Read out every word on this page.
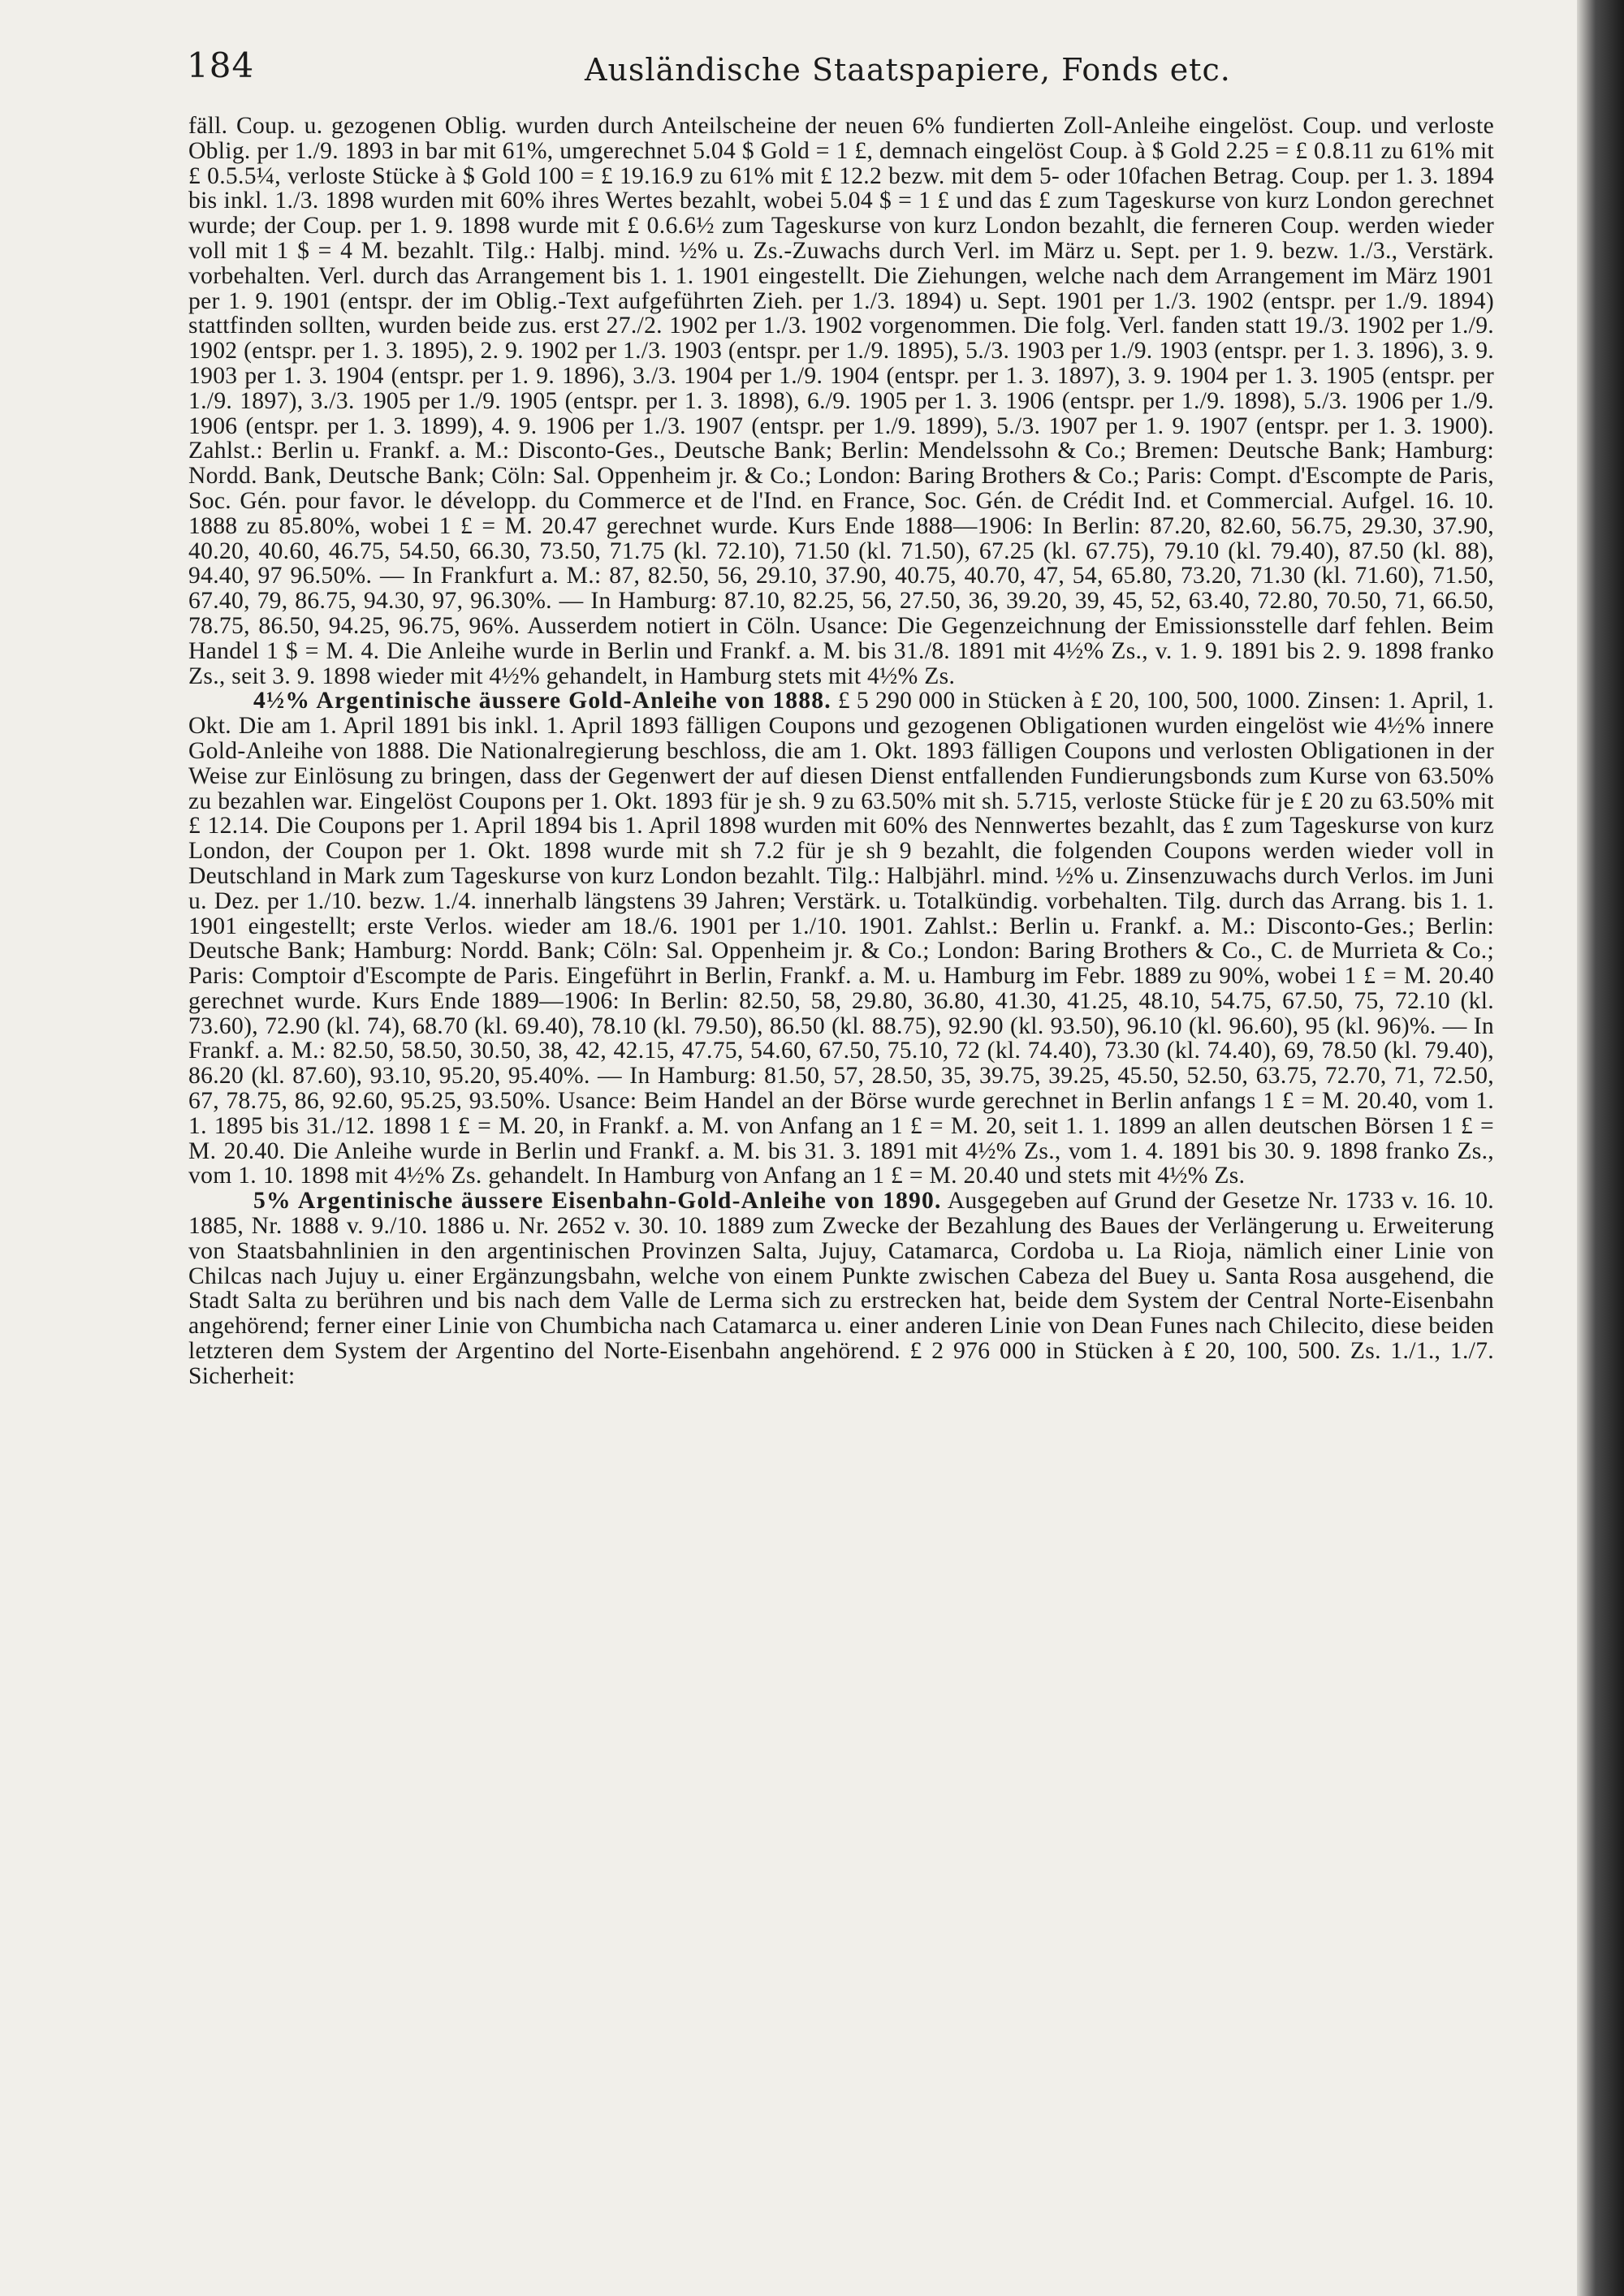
184	Ausländische Staatspapiere, Fonds etc.

fäll. Coup. u. gezogenen Oblig. wurden durch Anteilscheine der neuen 6% fundierten Zoll-Anleihe eingelöst. Coup. und verloste Oblig. per 1./9. 1893 in bar mit 61%, umgerechnet 5.04 $ Gold = 1 £, demnach eingelöst Coup. à $ Gold 2.25 = £ 0.8.11 zu 61% mit £ 0.5.5¼, verloste Stücke à $ Gold 100 = £ 19.16.9 zu 61% mit £ 12.2 bezw. mit dem 5- oder 10fachen Betrag. Coup. per 1. 3. 1894 bis inkl. 1./3. 1898 wurden mit 60% ihres Wertes bezahlt, wobei 5.04 $ = 1 £ und das £ zum Tageskurse von kurz London gerechnet wurde; der Coup. per 1. 9. 1898 wurde mit £ 0.6.6½ zum Tageskurse von kurz London bezahlt, die ferneren Coup. werden wieder voll mit 1 $ = 4 M. bezahlt. Tilg.: Halbj. mind. ½% u. Zs.-Zuwachs durch Verl. im März u. Sept. per 1. 9. bezw. 1./3., Verstärk. vorbehalten. Verl. durch das Arrangement bis 1. 1. 1901 eingestellt. Die Ziehungen, welche nach dem Arrangement im März 1901 per 1. 9. 1901 (entspr. der im Oblig.-Text aufgeführten Zieh. per 1./3. 1894) u. Sept. 1901 per 1./3. 1902 (entspr. per 1./9. 1894) stattfinden sollten, wurden beide zus. erst 27./2. 1902 per 1./3. 1902 vorgenommen. Die folg. Verl. fanden statt 19./3. 1902 per 1./9. 1902 (entspr. per 1. 3. 1895), 2. 9. 1902 per 1./3. 1903 (entspr. per 1./9. 1895), 5./3. 1903 per 1./9. 1903 (entspr. per 1. 3. 1896), 3. 9. 1903 per 1. 3. 1904 (entspr. per 1. 9. 1896), 3./3. 1904 per 1./9. 1904 (entspr. per 1. 3. 1897), 3. 9. 1904 per 1. 3. 1905 (entspr. per 1./9. 1897), 3./3. 1905 per 1./9. 1905 (entspr. per 1. 3. 1898), 6./9. 1905 per 1. 3. 1906 (entspr. per 1./9. 1898), 5./3. 1906 per 1./9. 1906 (entspr. per 1. 3. 1899), 4. 9. 1906 per 1./3. 1907 (entspr. per 1./9. 1899), 5./3. 1907 per 1. 9. 1907 (entspr. per 1. 3. 1900). Zahlst.: Berlin u. Frankf. a. M.: Disconto-Ges., Deutsche Bank; Berlin: Mendelssohn & Co.; Bremen: Deutsche Bank; Hamburg: Nordd. Bank, Deutsche Bank; Cöln: Sal. Oppenheim jr. & Co.; London: Baring Brothers & Co.; Paris: Compt. d'Escompte de Paris, Soc. Gén. pour favor. le développ. du Commerce et de l'Ind. en France, Soc. Gén. de Crédit Ind. et Commercial. Aufgel. 16. 10. 1888 zu 85.80%, wobei 1 £ = M. 20.47 gerechnet wurde. Kurs Ende 1888—1906: In Berlin: 87.20, 82.60, 56.75, 29.30, 37.90, 40.20, 40.60, 46.75, 54.50, 66.30, 73.50, 71.75 (kl. 72.10), 71.50 (kl. 71.50), 67.25 (kl. 67.75), 79.10 (kl. 79.40), 87.50 (kl. 88), 94.40, 97 96.50%. — In Frankfurt a. M.: 87, 82.50, 56, 29.10, 37.90, 40.75, 40.70, 47, 54, 65.80, 73.20, 71.30 (kl. 71.60), 71.50, 67.40, 79, 86.75, 94.30, 97, 96.30%. — In Hamburg: 87.10, 82.25, 56, 27.50, 36, 39.20, 39, 45, 52, 63.40, 72.80, 70.50, 71, 66.50, 78.75, 86.50, 94.25, 96.75, 96%. Ausserdem notiert in Cöln. Usance: Die Gegenzeichnung der Emissionsstelle darf fehlen. Beim Handel 1 $ = M. 4. Die Anleihe wurde in Berlin und Frankf. a. M. bis 31./8. 1891 mit 4½% Zs., v. 1. 9. 1891 bis 2. 9. 1898 franko Zs., seit 3. 9. 1898 wieder mit 4½% gehandelt, in Hamburg stets mit 4½% Zs.

4½% Argentinische äussere Gold-Anleihe von 1888. £ 5 290 000 in Stücken à £ 20, 100, 500, 1000. Zinsen: 1. April, 1. Okt. Die am 1. April 1891 bis inkl. 1. April 1893 fälligen Coupons und gezogenen Obligationen wurden eingelöst wie 4½% innere Gold-Anleihe von 1888. Die Nationalregierung beschloss, die am 1. Okt. 1893 fälligen Coupons und verlosten Obligationen in der Weise zur Einlösung zu bringen, dass der Gegenwert der auf diesen Dienst entfallenden Fundierungsbonds zum Kurse von 63.50% zu bezahlen war. Eingelöst Coupons per 1. Okt. 1893 für je sh. 9 zu 63.50% mit sh. 5.715, verloste Stücke für je £ 20 zu 63.50% mit £ 12.14. Die Coupons per 1. April 1894 bis 1. April 1898 wurden mit 60% des Nennwertes bezahlt, das £ zum Tageskurse von kurz London, der Coupon per 1. Okt. 1898 wurde mit sh 7.2 für je sh 9 bezahlt, die folgenden Coupons werden wieder voll in Deutschland in Mark zum Tageskurse von kurz London bezahlt. Tilg.: Halbjährl. mind. ½% u. Zinsenzuwachs durch Verlos. im Juni u. Dez. per 1./10. bezw. 1./4. innerhalb längstens 39 Jahren; Verstärk. u. Totalkündig. vorbehalten. Tilg. durch das Arrang. bis 1. 1. 1901 eingestellt; erste Verlos. wieder am 18./6. 1901 per 1./10. 1901. Zahlst.: Berlin u. Frankf. a. M.: Disconto-Ges.; Berlin: Deutsche Bank; Hamburg: Nordd. Bank; Cöln: Sal. Oppenheim jr. & Co.; London: Baring Brothers & Co., C. de Murrieta & Co.; Paris: Comptoir d'Escompte de Paris. Eingeführt in Berlin, Frankf. a. M. u. Hamburg im Febr. 1889 zu 90%, wobei 1 £ = M. 20.40 gerechnet wurde. Kurs Ende 1889—1906: In Berlin: 82.50, 58, 29.80, 36.80, 41.30, 41.25, 48.10, 54.75, 67.50, 75, 72.10 (kl. 73.60), 72.90 (kl. 74), 68.70 (kl. 69.40), 78.10 (kl. 79.50), 86.50 (kl. 88.75), 92.90 (kl. 93.50), 96.10 (kl. 96.60), 95 (kl. 96)%. — In Frankf. a. M.: 82.50, 58.50, 30.50, 38, 42, 42.15, 47.75, 54.60, 67.50, 75.10, 72 (kl. 74.40), 73.30 (kl. 74.40), 69, 78.50 (kl. 79.40), 86.20 (kl. 87.60), 93.10, 95.20, 95.40%. — In Hamburg: 81.50, 57, 28.50, 35, 39.75, 39.25, 45.50, 52.50, 63.75, 72.70, 71, 72.50, 67, 78.75, 86, 92.60, 95.25, 93.50%. Usance: Beim Handel an der Börse wurde gerechnet in Berlin anfangs 1 £ = M. 20.40, vom 1. 1. 1895 bis 31./12. 1898 1 £ = M. 20, in Frankf. a. M. von Anfang an 1 £ = M. 20, seit 1. 1. 1899 an allen deutschen Börsen 1 £ = M. 20.40. Die Anleihe wurde in Berlin und Frankf. a. M. bis 31. 3. 1891 mit 4½% Zs., vom 1. 4. 1891 bis 30. 9. 1898 franko Zs., vom 1. 10. 1898 mit 4½% Zs. gehandelt. In Hamburg von Anfang an 1 £ = M. 20.40 und stets mit 4½% Zs.

5% Argentinische äussere Eisenbahn-Gold-Anleihe von 1890. Ausgegeben auf Grund der Gesetze Nr. 1733 v. 16. 10. 1885, Nr. 1888 v. 9./10. 1886 u. Nr. 2652 v. 30. 10. 1889 zum Zwecke der Bezahlung des Baues der Verlängerung u. Erweiterung von Staatsbahnlinien in den argentinischen Provinzen Salta, Jujuy, Catamarca, Cordoba u. La Rioja, nämlich einer Linie von Chilcas nach Jujuy u. einer Ergänzungsbahn, welche von einem Punkte zwischen Cabeza del Buey u. Santa Rosa ausgehend, die Stadt Salta zu berühren und bis nach dem Valle de Lerma sich zu erstrecken hat, beide dem System der Central Norte-Eisenbahn angehörend; ferner einer Linie von Chumbicha nach Catamarca u. einer anderen Linie von Dean Funes nach Chilecito, diese beiden letzteren dem System der Argentino del Norte-Eisenbahn angehörend. £ 2 976 000 in Stücken à £ 20, 100, 500. Zs. 1./1., 1./7. Sicherheit:
